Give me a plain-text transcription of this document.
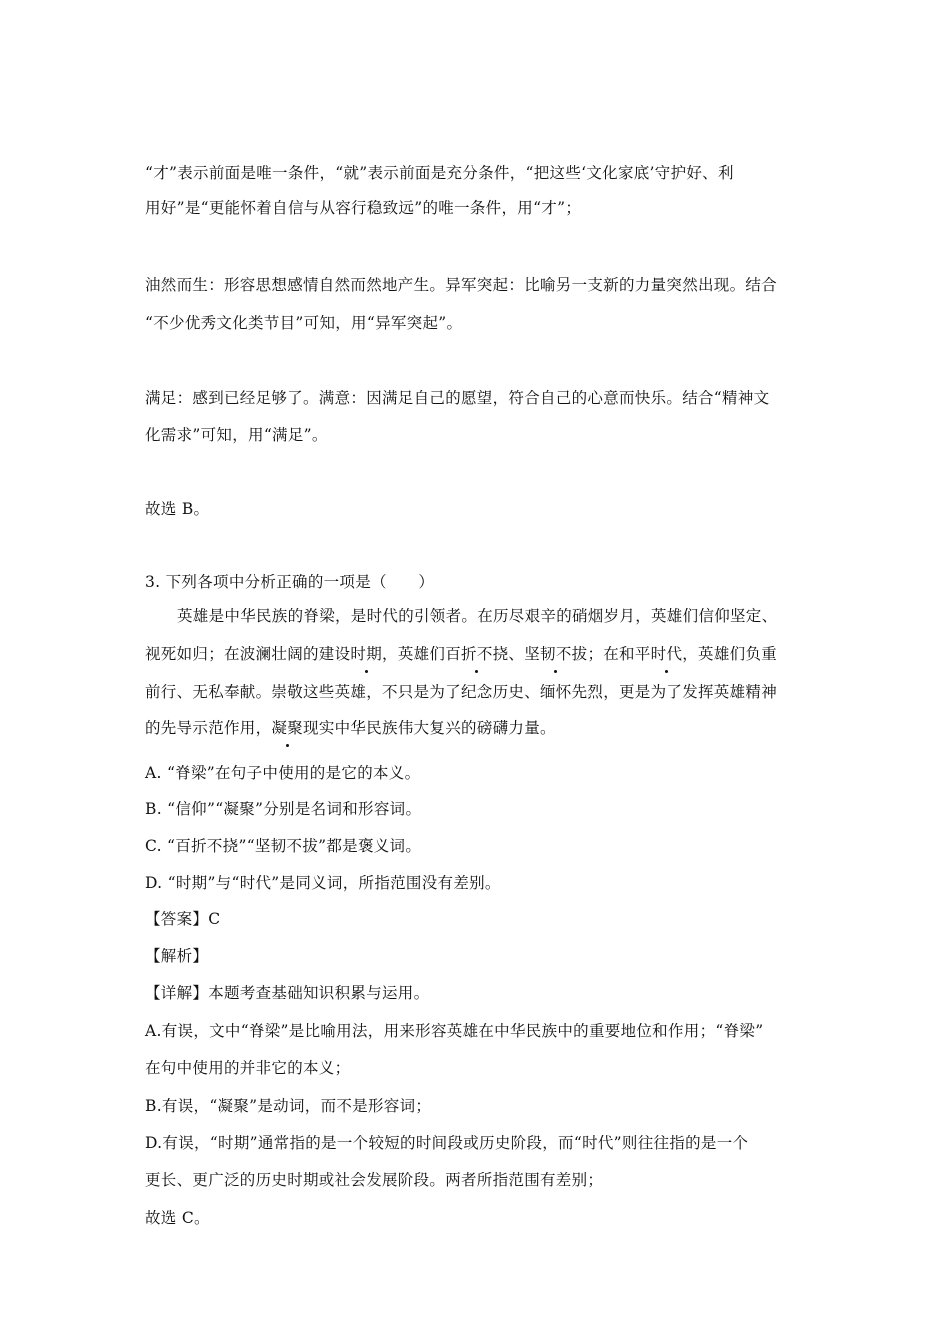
“才”表示前面是唯一条件，“就”表示前面是充分条件，“把这些‘文化家底’守护好、利
用好”是“更能怀着自信与从容行稳致远”的唯一条件，用“才”；
油然而生：形容思想感情自然而然地产生。异军突起：比喻另一支新的力量突然出现。结合
“不少优秀文化类节目”可知，用“异军突起”。
满足：感到已经足够了。满意：因满足自己的愿望，符合自己的心意而快乐。结合“精神文
化需求”可知，用“满足”。
故选 B。
3. 下列各项中分析正确的一项是（　　）
英雄是中华民族的脊梁，是时代的引领者。在历尽艰辛的硝烟岁月，英雄们信仰坚定、
视死如归；在波澜壮阔的建设时期，英雄们百折不挠、坚韧不拔；在和平时代，英雄们负重
前行、无私奉献。崇敬这些英雄，不只是为了纪念历史、缅怀先烈，更是为了发挥英雄精神
的先导示范作用，凝聚现实中华民族伟大复兴的磅礴力量。
A. “脊梁”在句子中使用的是它的本义。
B. “信仰”“凝聚”分别是名词和形容词。
C. “百折不挠”“坚韧不拔”都是褒义词。
D. “时期”与“时代”是同义词，所指范围没有差别。
【答案】C
【解析】
【详解】本题考查基础知识积累与运用。
A.有误，文中“脊梁”是比喻用法，用来形容英雄在中华民族中的重要地位和作用；“脊梁”
在句中使用的并非它的本义；
B.有误，“凝聚”是动词，而不是形容词；
D.有误，“时期”通常指的是一个较短的时间段或历史阶段，而“时代”则往往指的是一个
更长、更广泛的历史时期或社会发展阶段。两者所指范围有差别；
故选 C。
